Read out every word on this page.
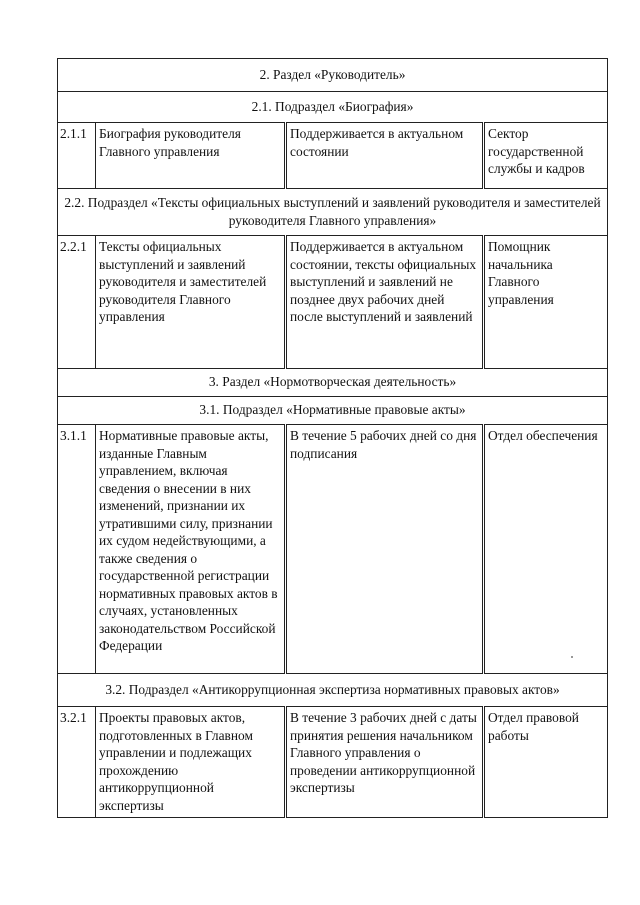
2. Раздел «Руководитель»			
2.1. Подраздел «Биография»			
2.1.1	Биография руководителя Главного управления	Поддерживается в актуальном состоянии	Сектор государственной службы и кадров
2.2. Подраздел «Тексты официальных выступлений и заявлений руководителя и заместителей руководителя Главного управления»			
2.2.1	Тексты официальных выступлений и заявлений руководителя и заместителей руководителя Главного управления	Поддерживается в актуальном состоянии, тексты официальных выступлений и заявлений не позднее двух рабочих дней после выступлений и заявлений	Помощник начальника Главного управления
3. Раздел «Нормотворческая деятельность»			
3.1. Подраздел «Нормативные правовые акты»			
3.1.1	Нормативные правовые акты, изданные Главным управлением, включая сведения о внесении в них изменений, признании их утратившими силу, признании их судом недействующими, а также сведения о государственной регистрации нормативных правовых актов в случаях, установленных законодательством Российской Федерации	В течение 5 рабочих дней со дня подписания	Отдел обеспечения
3.2. Подраздел «Антикоррупционная экспертиза нормативных правовых актов»			
3.2.1	Проекты правовых актов, подготовленных в Главном управлении и подлежащих прохождению антикоррупционной экспертизы	В течение 3 рабочих дней с даты принятия решения начальником Главного управления о проведении антикоррупционной экспертизы	Отдел правовой работы
